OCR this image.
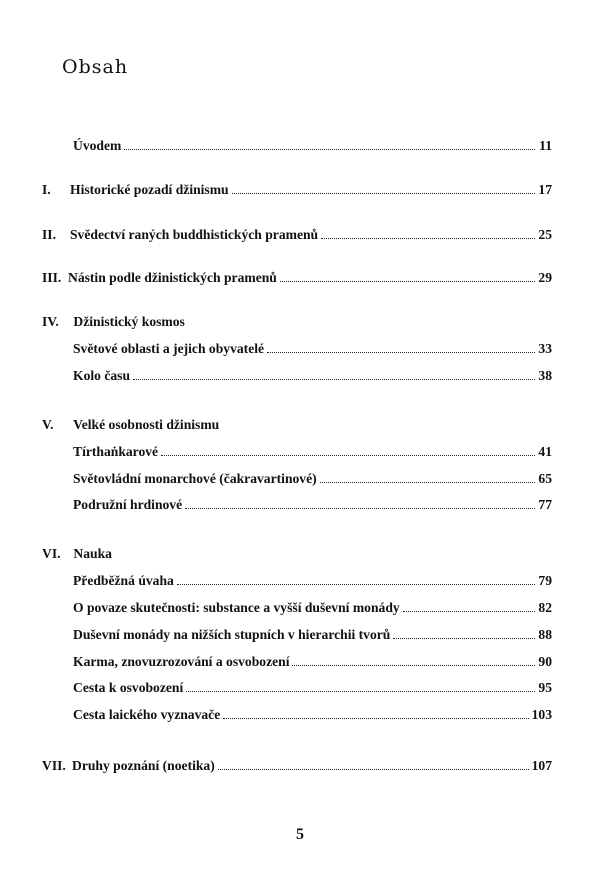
Obsah
Úvodem	11
I.	Historické pozadí džinismu	17
II.	Svědectví raných buddhistických pramenů	25
III. Nástin podle džinistických pramenů	29
IV. Džinistický kosmos
Světové oblasti a jejich obyvatelé	33
Kolo času	38
V. Velké osobnosti džinismu
Tírthaṅkarové	41
Světovládní monarchové (čakravartinové)	65
Podružní hrdinové	77
VI. Nauka
Předběžná úvaha	79
O povaze skutečnosti: substance a vyšší duševní monády	82
Duševní monády na nižších stupních v hierarchii tvorů	88
Karma, znovuzrozování a osvobození	90
Cesta k osvobození	95
Cesta laického vyznavače	103
VII. Druhy poznání (noetika)	107
5
